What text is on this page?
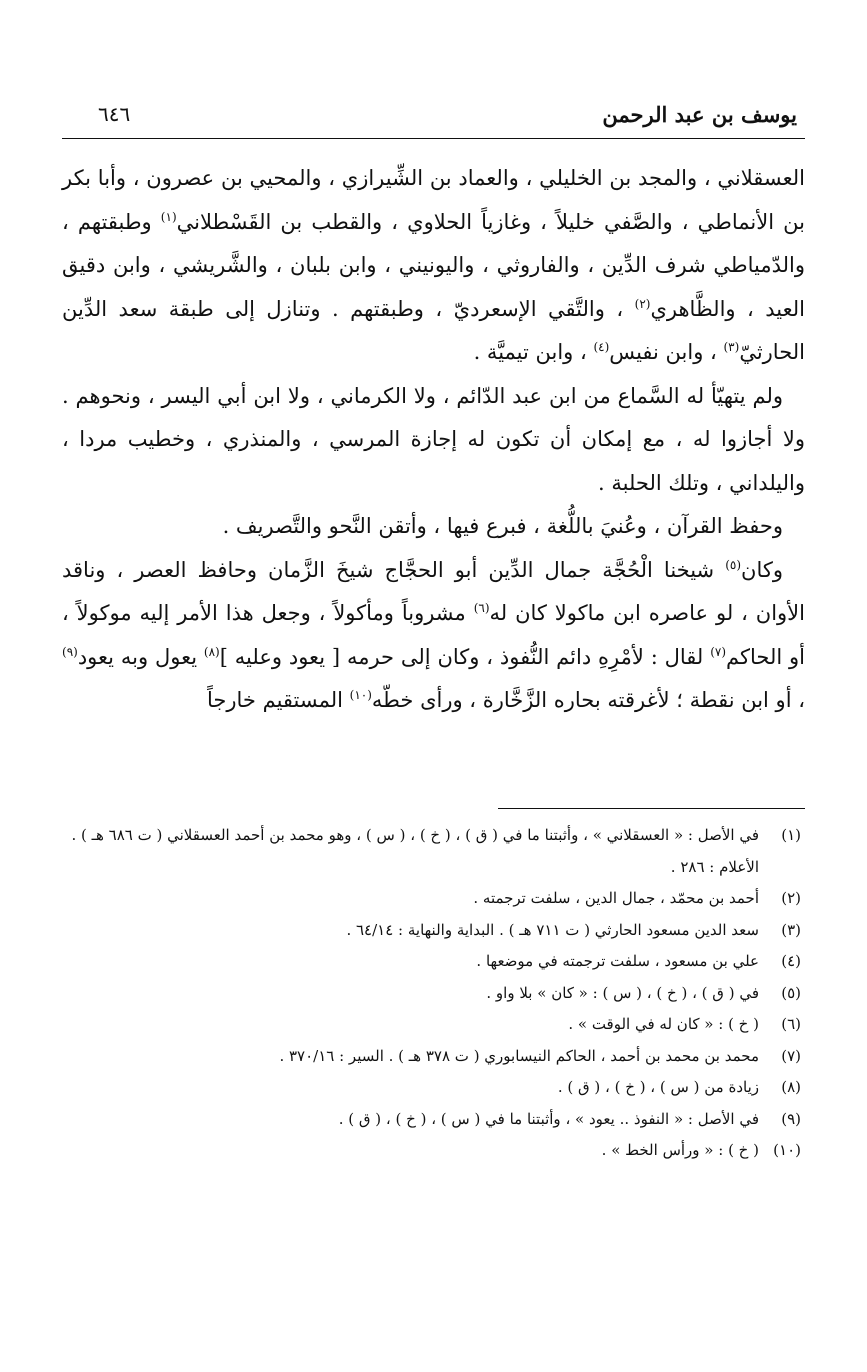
يوسف بن عبد الرحمن
٦٤٦

العسقلاني ، والمجد بن الخليلي ، والعماد بن الشِّيرازي ، والمحيي بن عصرون ، وأبا بكر بن الأنماطي ، والصَّفي خليلاً ، وغازياً الحلاوي ، والقطب بن القَسْطلاني$^{(١)}$ وطبقتهم ، والدّمياطي شرف الدِّين ، والفاروثي ، واليونيني ، وابن بلبان ، والشَّريشي ، وابن دقيق العيد ، والظَّاهري$^{(٢)}$ ، والتَّقي الإسعرديّ ، وطبقتهم . وتنازل إلى طبقة سعد الدِّين الحارثيّ$^{(٣)}$ ، وابن نفيس$^{(٤)}$ ، وابن تيميَّة .

ولم يتهيّأ له السَّماع من ابن عبد الدّائم ، ولا الكرماني ، ولا ابن أبي اليسر ، ونحوهم . ولا أجازوا له ، مع إمكان أن تكون له إجازة المرسي ، والمنذري ، وخطيب مردا ، واليلداني ، وتلك الحلبة .

وحفظ القرآن ، وعُنيَ باللُّغة ، فبرع فيها ، وأتقن النَّحو والتَّصريف .

وكان$^{(٥)}$ شيخنا الْحُجَّة جمال الدِّين أبو الحجَّاج شيخَ الزَّمان وحافظ العصر ، وناقد الأوان ، لو عاصره ابن ماكولا كان له$^{(٦)}$ مشروباً ومأكولاً ، وجعل هذا الأمر إليه موكولاً ، أو الحاكم$^{(٧)}$ لقال : لأمْرِهِ دائم النُّفوذ ، وكان إلى حرمه [ يعود وعليه ]$^{(٨)}$ يعول وبه يعود$^{(٩)}$ ، أو ابن نقطة ؛ لأغرقته بحاره الزَّخَّارة ، ورأى خطّه$^{(١٠)}$ المستقيم خارجاً

(١)
في الأصل : « العسقلاني » ، وأثبتنا ما في ( ق ) ، ( خ ) ، ( س ) ، وهو محمد بن أحمد العسقلاني ( ت ٦٨٦ هـ ) . الأعلام : ٢٨٦ .
(٢)
أحمد بن محمّد ، جمال الدين ، سلفت ترجمته .
(٣)
سعد الدين مسعود الحارثي ( ت ٧١١ هـ ) . البداية والنهاية : ٦٤/١٤ .
(٤)
علي بن مسعود ، سلفت ترجمته في موضعها .
(٥)
في ( ق ) ، ( خ ) ، ( س ) : « كان » بلا واو .
(٦)
( خ ) : « كان له في الوقت » .
(٧)
محمد بن محمد بن أحمد ، الحاكم النيسابوري ( ت ٣٧٨ هـ ) . السير : ٣٧٠/١٦ .
(٨)
زيادة من ( س ) ، ( خ ) ، ( ق ) .
(٩)
في الأصل : « النفوذ .. يعود » ، وأثبتنا ما في ( س ) ، ( خ ) ، ( ق ) .
(١٠)
( خ ) : « ورأس الخط » .
